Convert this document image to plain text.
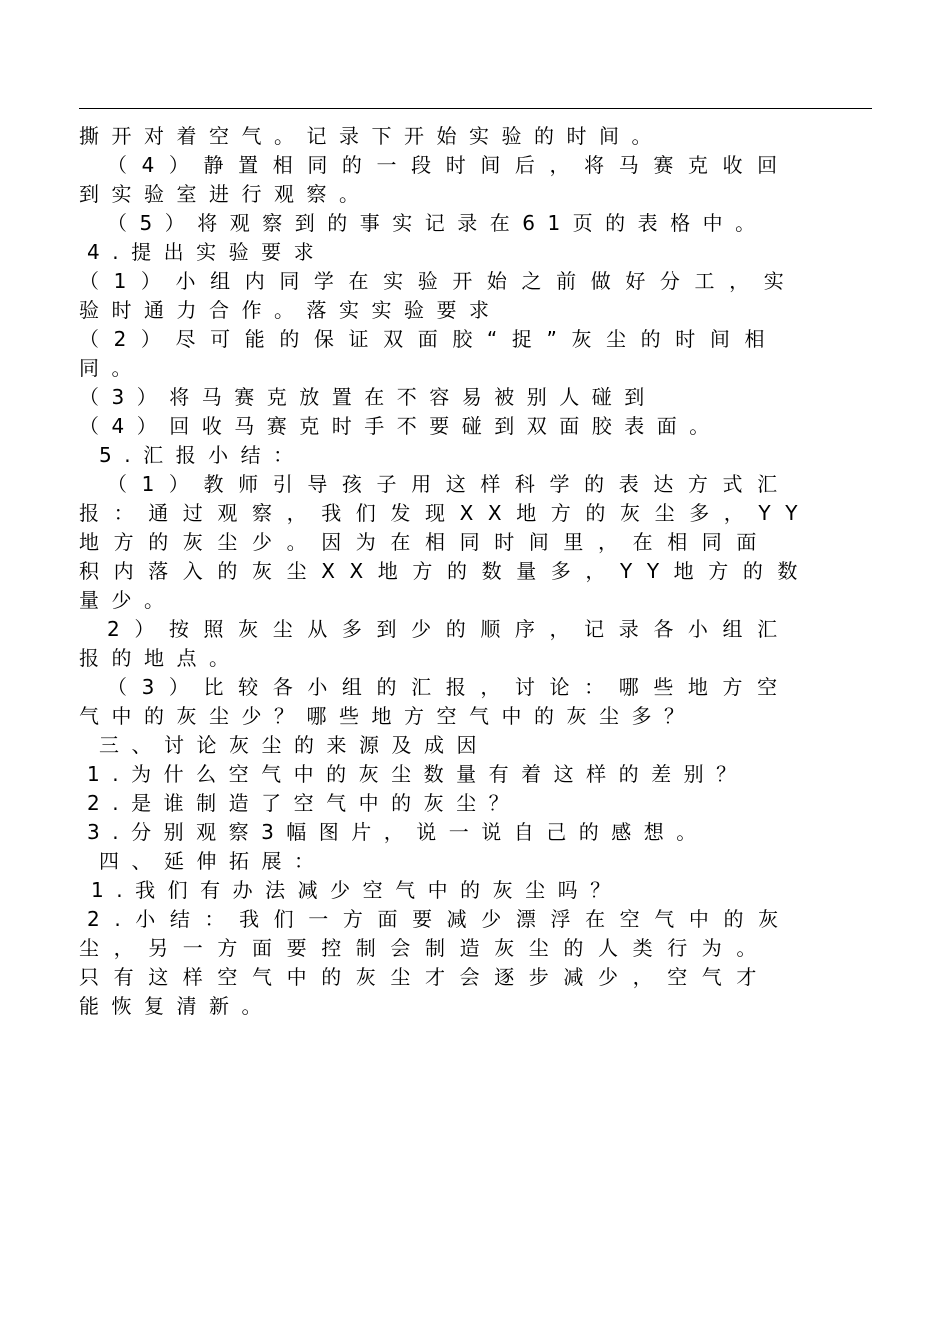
撕开对着空气。记录下开始实验的时间。
（4）静置相同的一段时间后，将马赛克收回
到实验室进行观察。
（5）将观察到的事实记录在61页的表格中。
4.提出实验要求
（1）小组内同学在实验开始之前做好分工，实
验时通力合作。落实实验要求
（2）尽可能的保证双面胶“捉”灰尘的时间相
同。
（3）将马赛克放置在不容易被别人碰到
（4）回收马赛克时手不要碰到双面胶表面。
5.汇报小结：
（1）教师引导孩子用这样科学的表达方式汇
报：通过观察，我们发现XX地方的灰尘多，YY
地方的灰尘少。因为在相同时间里，在相同面
积内落入的灰尘XX地方的数量多，YY地方的数
量少。
2）按照灰尘从多到少的顺序，记录各小组汇
报的地点。
（3）比较各小组的汇报，讨论：哪些地方空
气中的灰尘少？哪些地方空气中的灰尘多？
三、讨论灰尘的来源及成因
1.为什么空气中的灰尘数量有着这样的差别？
2.是谁制造了空气中的灰尘？
3.分别观察3幅图片，说一说自己的感想。
四、延伸拓展：
1.我们有办法减少空气中的灰尘吗？
2.小结：我们一方面要减少漂浮在空气中的灰
尘，另一方面要控制会制造灰尘的人类行为。
只有这样空气中的灰尘才会逐步减少，空气才
能恢复清新。
